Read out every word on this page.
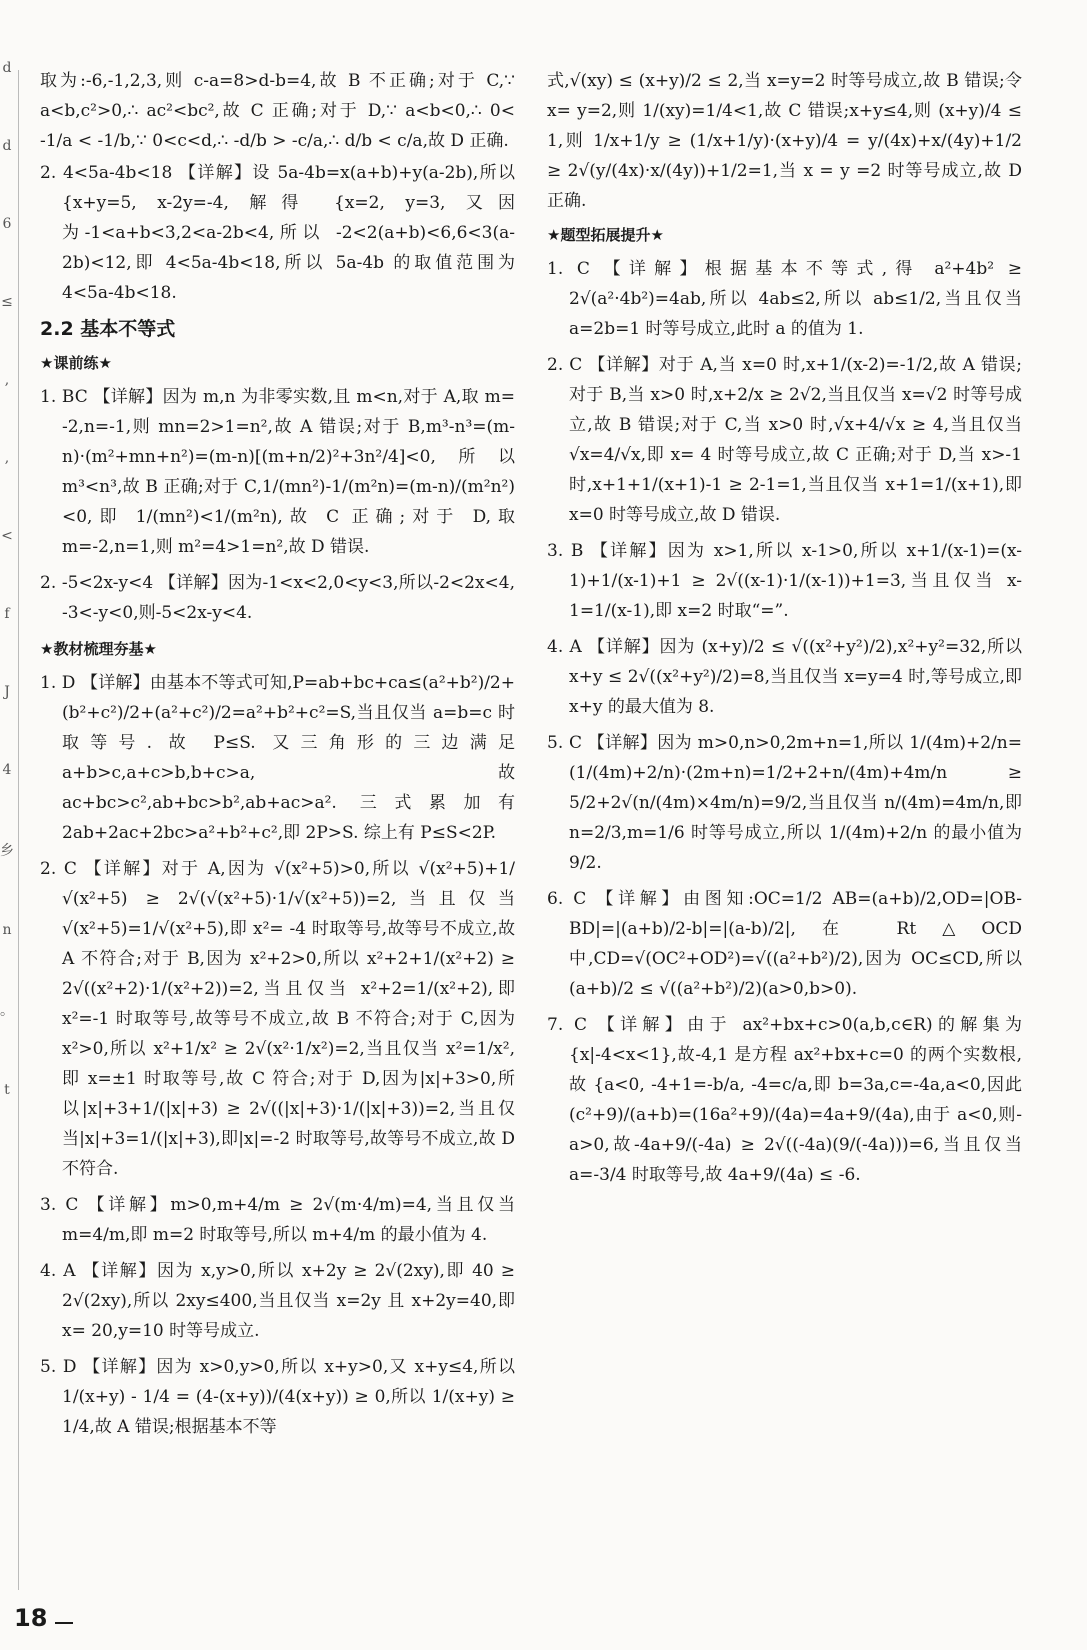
d
d
6
≤
,
,
<
f
J
4
乡
n
。
t

取为:-6,-1,2,3,则 c-a=8>d-b=4,故 B 不正确;对于 C,∵ a<b,c²>0,∴ ac²<bc²,故 C 正确;对于 D,∵ a<b<0,∴ 0< -1/a < -1/b,∵ 0<c<d,∴ -d/b > -c/a,∴ d/b < c/a,故 D 正确.

2. 4<5a-4b<18 【详解】设 5a-4b=x(a+b)+y(a-2b),所以 {x+y=5, x-2y=-4, 解得 {x=2, y=3, 又因为-1<a+b<3,2<a-2b<4,所以 -2<2(a+b)<6,6<3(a-2b)<12,即 4<5a-4b<18,所以 5a-4b 的取值范围为 4<5a-4b<18.

2.2 基本不等式

★课前练★

1. BC 【详解】因为 m,n 为非零实数,且 m<n,对于 A,取 m= -2,n=-1,则 mn=2>1=n²,故 A 错误;对于 B,m³-n³=(m-n)·(m²+mn+n²)=(m-n)[(m+n/2)²+3n²/4]<0,所以 m³<n³,故 B 正确;对于 C,1/(mn²)-1/(m²n)=(m-n)/(m²n²)<0,即 1/(mn²)<1/(m²n),故 C 正确;对于 D,取 m=-2,n=1,则 m²=4>1=n²,故 D 错误.

2. -5<2x-y<4 【详解】因为-1<x<2,0<y<3,所以-2<2x<4, -3<-y<0,则-5<2x-y<4.

★教材梳理夯基★

1. D 【详解】由基本不等式可知,P=ab+bc+ca≤(a²+b²)/2+(b²+c²)/2+(a²+c²)/2=a²+b²+c²=S,当且仅当 a=b=c 时取等号. 故 P≤S. 又三角形的三边满足 a+b>c,a+c>b,b+c>a,故 ac+bc>c²,ab+bc>b²,ab+ac>a². 三式累加有 2ab+2ac+2bc>a²+b²+c²,即 2P>S. 综上有 P≤S<2P.

2. C 【详解】对于 A,因为 √(x²+5)>0,所以 √(x²+5)+1/√(x²+5) ≥ 2√(√(x²+5)·1/√(x²+5))=2,当且仅当 √(x²+5)=1/√(x²+5),即 x²= -4 时取等号,故等号不成立,故 A 不符合;对于 B,因为 x²+2>0,所以 x²+2+1/(x²+2) ≥ 2√((x²+2)·1/(x²+2))=2,当且仅当 x²+2=1/(x²+2),即 x²=-1 时取等号,故等号不成立,故 B 不符合;对于 C,因为 x²>0,所以 x²+1/x² ≥ 2√(x²·1/x²)=2,当且仅当 x²=1/x²,即 x=±1 时取等号,故 C 符合;对于 D,因为|x|+3>0,所以|x|+3+1/(|x|+3) ≥ 2√((|x|+3)·1/(|x|+3))=2,当且仅当|x|+3=1/(|x|+3),即|x|=-2 时取等号,故等号不成立,故 D 不符合.

3. C 【详解】m>0,m+4/m ≥ 2√(m·4/m)=4,当且仅当 m=4/m,即 m=2 时取等号,所以 m+4/m 的最小值为 4.

4. A 【详解】因为 x,y>0,所以 x+2y ≥ 2√(2xy),即 40 ≥ 2√(2xy),所以 2xy≤400,当且仅当 x=2y 且 x+2y=40,即 x= 20,y=10 时等号成立.

5. D 【详解】因为 x>0,y>0,所以 x+y>0,又 x+y≤4,所以 1/(x+y) - 1/4 = (4-(x+y))/(4(x+y)) ≥ 0,所以 1/(x+y) ≥ 1/4,故 A 错误;根据基本不等

式,√(xy) ≤ (x+y)/2 ≤ 2,当 x=y=2 时等号成立,故 B 错误;令 x= y=2,则 1/(xy)=1/4<1,故 C 错误;x+y≤4,则 (x+y)/4 ≤ 1,则 1/x+1/y ≥ (1/x+1/y)·(x+y)/4 = y/(4x)+x/(4y)+1/2 ≥ 2√(y/(4x)·x/(4y))+1/2=1,当 x = y =2 时等号成立,故 D 正确.

★题型拓展提升★

1. C 【详解】根据基本不等式,得 a²+4b² ≥ 2√(a²·4b²)=4ab,所以 4ab≤2,所以 ab≤1/2,当且仅当 a=2b=1 时等号成立,此时 a 的值为 1.

2. C 【详解】对于 A,当 x=0 时,x+1/(x-2)=-1/2,故 A 错误;对于 B,当 x>0 时,x+2/x ≥ 2√2,当且仅当 x=√2 时等号成立,故 B 错误;对于 C,当 x>0 时,√x+4/√x ≥ 4,当且仅当 √x=4/√x,即 x= 4 时等号成立,故 C 正确;对于 D,当 x>-1 时,x+1+1/(x+1)-1 ≥ 2-1=1,当且仅当 x+1=1/(x+1),即 x=0 时等号成立,故 D 错误.

3. B 【详解】因为 x>1,所以 x-1>0,所以 x+1/(x-1)=(x-1)+1/(x-1)+1 ≥ 2√((x-1)·1/(x-1))+1=3,当且仅当 x-1=1/(x-1),即 x=2 时取“=”.

4. A 【详解】因为 (x+y)/2 ≤ √((x²+y²)/2),x²+y²=32,所以 x+y ≤ 2√((x²+y²)/2)=8,当且仅当 x=y=4 时,等号成立,即 x+y 的最大值为 8.

5. C 【详解】因为 m>0,n>0,2m+n=1,所以 1/(4m)+2/n=(1/(4m)+2/n)·(2m+n)=1/2+2+n/(4m)+4m/n ≥ 5/2+2√(n/(4m)×4m/n)=9/2,当且仅当 n/(4m)=4m/n,即 n=2/3,m=1/6 时等号成立,所以 1/(4m)+2/n 的最小值为 9/2.

6. C 【详解】由图知:OC=1/2 AB=(a+b)/2,OD=|OB-BD|=|(a+b)/2-b|=|(a-b)/2|,在 Rt△OCD 中,CD=√(OC²+OD²)=√((a²+b²)/2),因为 OC≤CD,所以 (a+b)/2 ≤ √((a²+b²)/2)(a>0,b>0).

7. C 【详解】由于 ax²+bx+c>0(a,b,c∈R)的解集为{x|-4<x<1},故-4,1 是方程 ax²+bx+c=0 的两个实数根,故 {a<0, -4+1=-b/a, -4=c/a,即 b=3a,c=-4a,a<0,因此 (c²+9)/(a+b)=(16a²+9)/(4a)=4a+9/(4a),由于 a<0,则-a>0,故-4a+9/(-4a) ≥ 2√((-4a)(9/(-4a)))=6,当且仅当 a=-3/4 时取等号,故 4a+9/(4a) ≤ -6.

18
